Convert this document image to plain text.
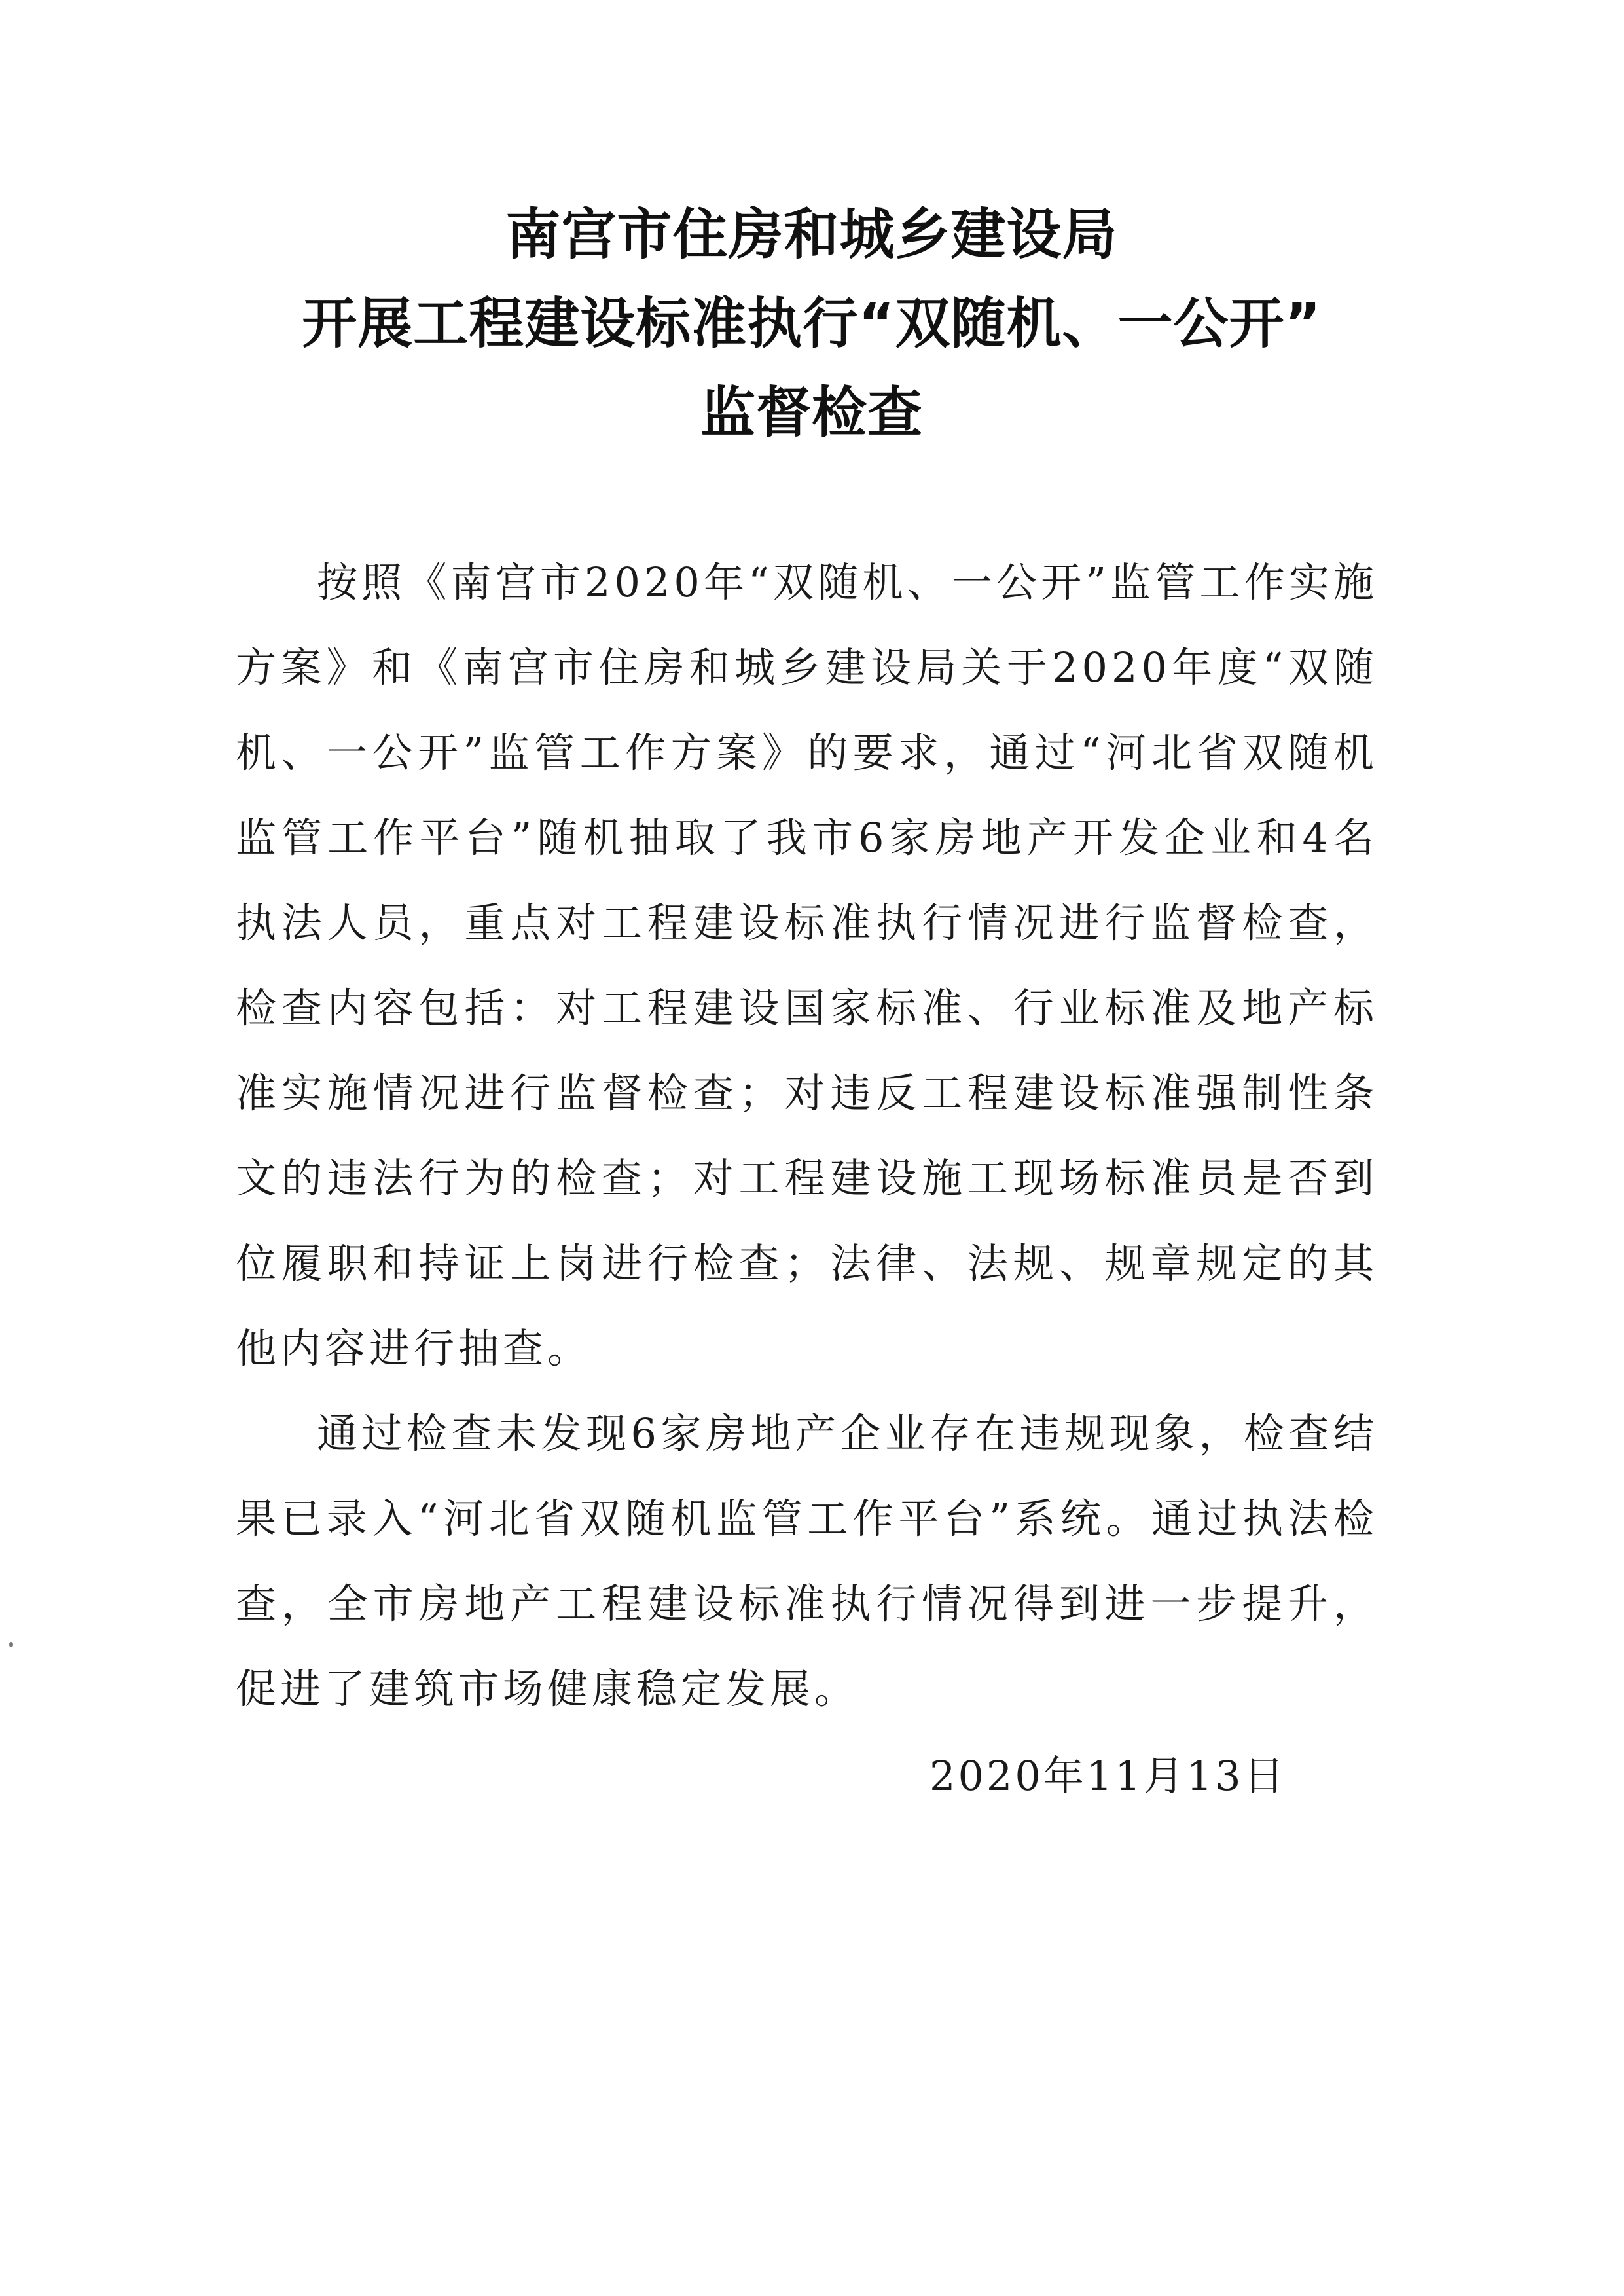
南宫市住房和城乡建设局
开展工程建设标准执行“双随机、一公开”
监督检查

按照《南宫市2020年“双随机、一公开”监管工作实施方案》和《南宫市住房和城乡建设局关于2020年度“双随机、一公开”监管工作方案》的要求，通过“河北省双随机监管工作平台”随机抽取了我市6家房地产开发企业和4名执法人员，重点对工程建设标准执行情况进行监督检查，检查内容包括：对工程建设国家标准、行业标准及地产标准实施情况进行监督检查；对违反工程建设标准强制性条文的违法行为的检查；对工程建设施工现场标准员是否到位履职和持证上岗进行检查；法律、法规、规章规定的其他内容进行抽查。

通过检查未发现6家房地产企业存在违规现象，检查结果已录入“河北省双随机监管工作平台”系统。通过执法检查，全市房地产工程建设标准执行情况得到进一步提升，促进了建筑市场健康稳定发展。

2020年11月13日
